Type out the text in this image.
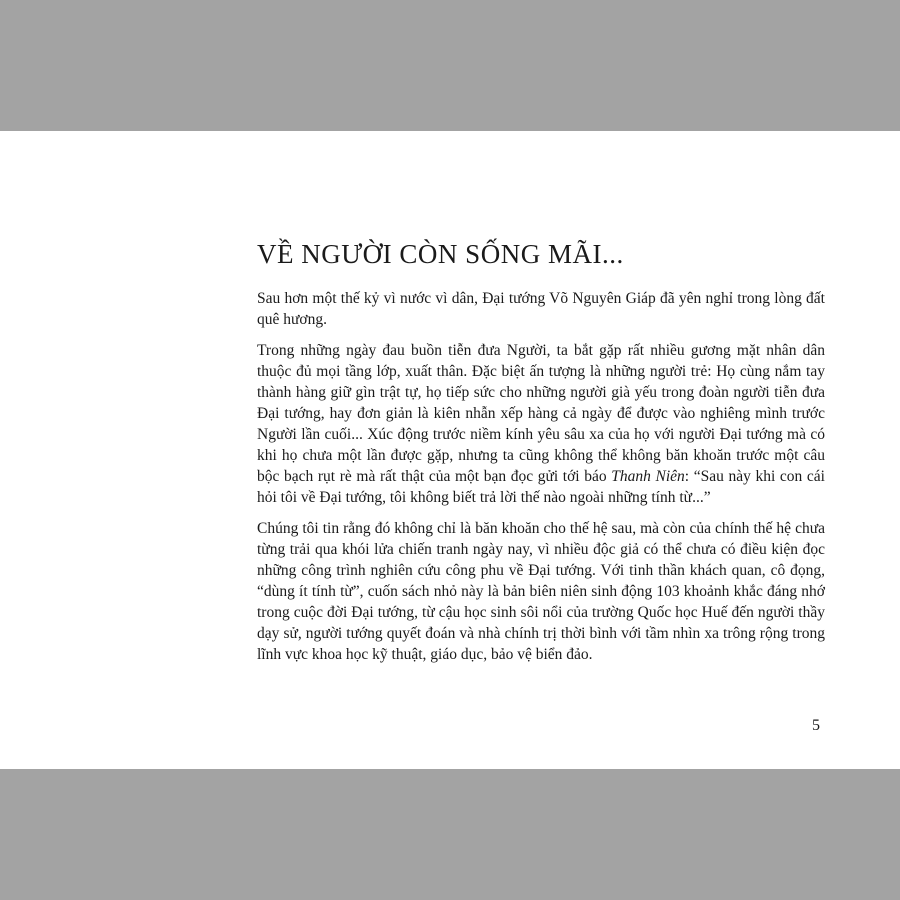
VỀ NGƯỜI CÒN SỐNG MÃI...

Sau hơn một thế kỷ vì nước vì dân, Đại tướng Võ Nguyên Giáp đã yên nghỉ trong lòng đất quê hương.

Trong những ngày đau buồn tiễn đưa Người, ta bắt gặp rất nhiều gương mặt nhân dân thuộc đủ mọi tầng lớp, xuất thân. Đặc biệt ấn tượng là những người trẻ: Họ cùng nắm tay thành hàng giữ gìn trật tự, họ tiếp sức cho những người già yếu trong đoàn người tiễn đưa Đại tướng, hay đơn giản là kiên nhẫn xếp hàng cả ngày để được vào nghiêng mình trước Người lần cuối... Xúc động trước niềm kính yêu sâu xa của họ với người Đại tướng mà có khi họ chưa một lần được gặp, nhưng ta cũng không thể không băn khoăn trước một câu bộc bạch rụt rè mà rất thật của một bạn đọc gửi tới báo Thanh Niên: “Sau này khi con cái hỏi tôi về Đại tướng, tôi không biết trả lời thế nào ngoài những tính từ...”

Chúng tôi tin rằng đó không chỉ là băn khoăn cho thế hệ sau, mà còn của chính thế hệ chưa từng trải qua khói lửa chiến tranh ngày nay, vì nhiều độc giả có thể chưa có điều kiện đọc những công trình nghiên cứu công phu về Đại tướng. Với tinh thần khách quan, cô đọng, “dùng ít tính từ”, cuốn sách nhỏ này là bản biên niên sinh động 103 khoảnh khắc đáng nhớ trong cuộc đời Đại tướng, từ cậu học sinh sôi nổi của trường Quốc học Huế đến người thầy dạy sử, người tướng quyết đoán và nhà chính trị thời bình với tầm nhìn xa trông rộng trong lĩnh vực khoa học kỹ thuật, giáo dục, bảo vệ biển đảo.

5
